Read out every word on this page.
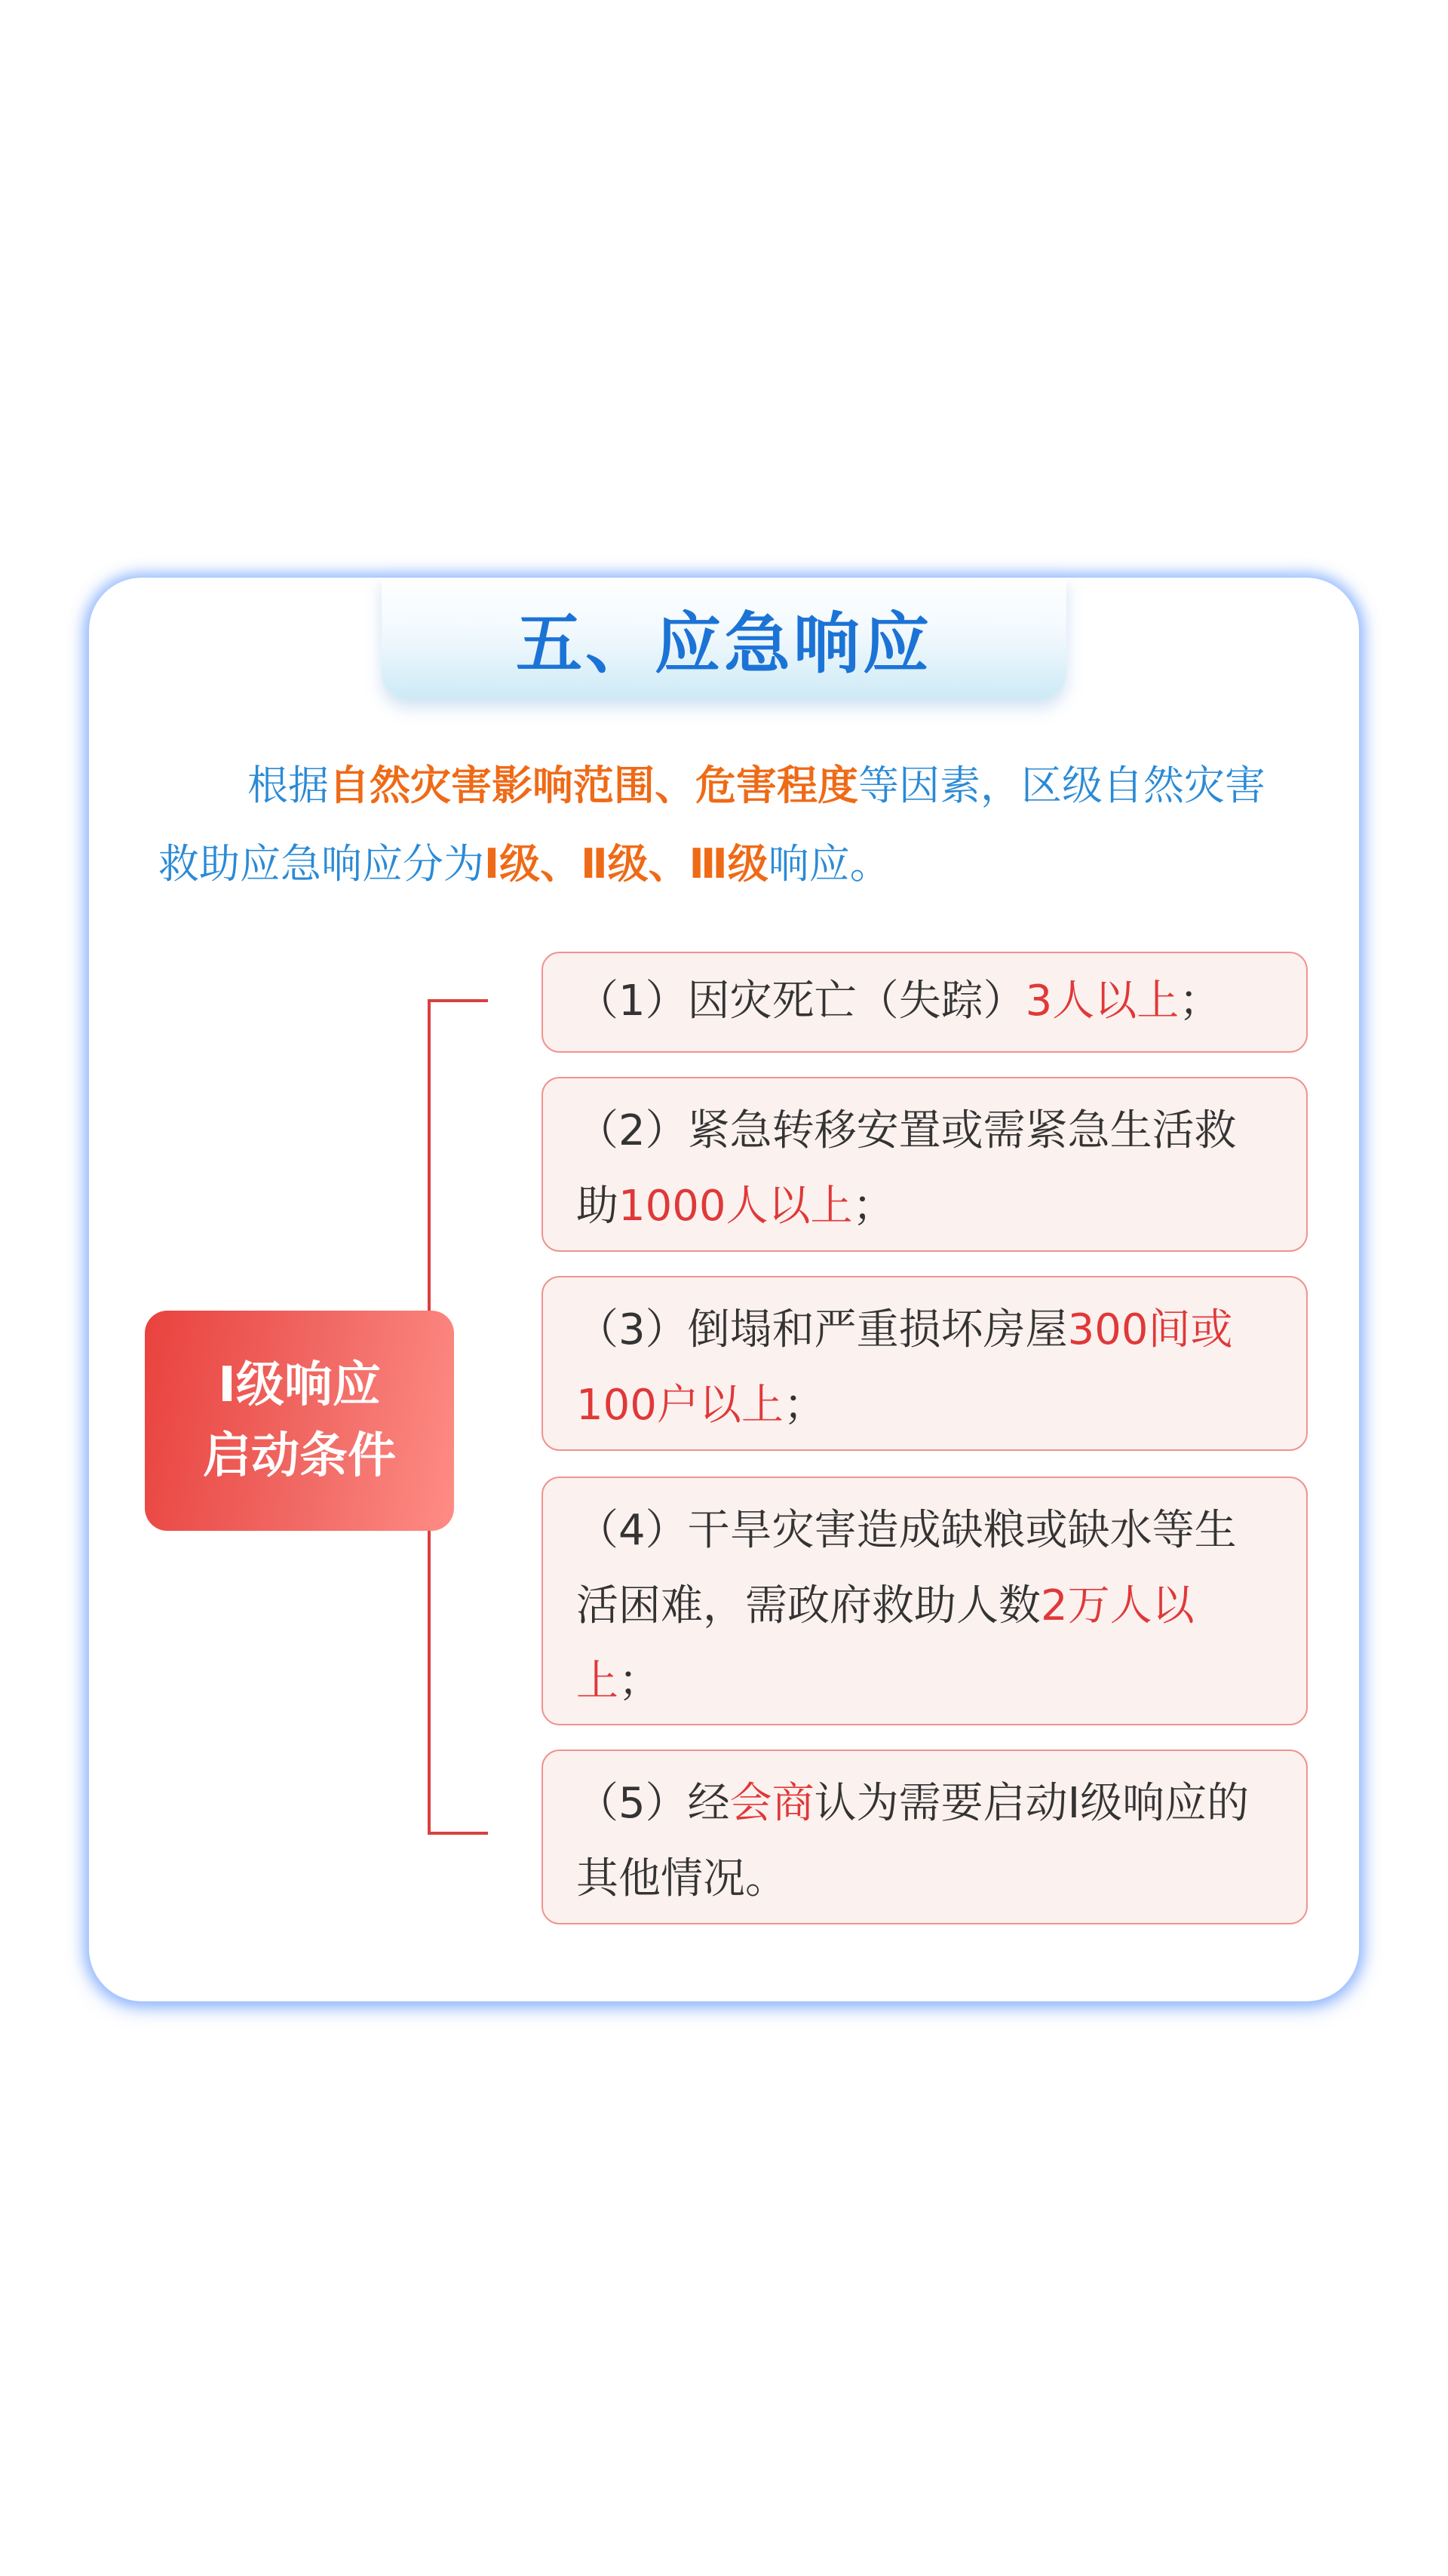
五、应急响应

根据自然灾害影响范围、危害程度等因素，区级自然灾害救助应急响应分为Ⅰ级、Ⅱ级、Ⅲ级响应。

Ⅰ级响应
启动条件
（1）因灾死亡（失踪）3人以上；
（2）紧急转移安置或需紧急生活救助1000人以上；
（3）倒塌和严重损坏房屋300间或100户以上；
（4）干旱灾害造成缺粮或缺水等生活困难，需政府救助人数2万人以上；
（5）经会商认为需要启动Ⅰ级响应的其他情况。
